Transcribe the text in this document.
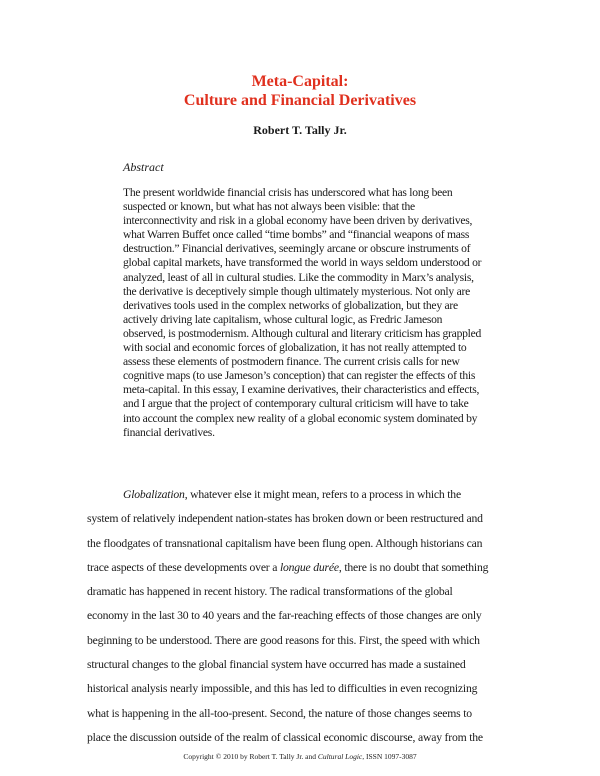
Meta-Capital:
Culture and Financial Derivatives
Robert T. Tally Jr.
Abstract
The present worldwide financial crisis has underscored what has long been
suspected or known, but what has not always been visible: that the
interconnectivity and risk in a global economy have been driven by derivatives,
what Warren Buffet once called “time bombs” and “financial weapons of mass
destruction.” Financial derivatives, seemingly arcane or obscure instruments of
global capital markets, have transformed the world in ways seldom understood or
analyzed, least of all in cultural studies. Like the commodity in Marx’s analysis,
the derivative is deceptively simple though ultimately mysterious. Not only are
derivatives tools used in the complex networks of globalization, but they are
actively driving late capitalism, whose cultural logic, as Fredric Jameson
observed, is postmodernism. Although cultural and literary criticism has grappled
with social and economic forces of globalization, it has not really attempted to
assess these elements of postmodern finance. The current crisis calls for new
cognitive maps (to use Jameson’s conception) that can register the effects of this
meta-capital. In this essay, I examine derivatives, their characteristics and effects,
and I argue that the project of contemporary cultural criticism will have to take
into account the complex new reality of a global economic system dominated by
financial derivatives.
Globalization, whatever else it might mean, refers to a process in which the
system of relatively independent nation-states has broken down or been restructured and
the floodgates of transnational capitalism have been flung open. Although historians can
trace aspects of these developments over a longue durée, there is no doubt that something
dramatic has happened in recent history. The radical transformations of the global
economy in the last 30 to 40 years and the far-reaching effects of those changes are only
beginning to be understood. There are good reasons for this. First, the speed with which
structural changes to the global financial system have occurred has made a sustained
historical analysis nearly impossible, and this has led to difficulties in even recognizing
what is happening in the all-too-present. Second, the nature of those changes seems to
place the discussion outside of the realm of classical economic discourse, away from the
Copyright © 2010 by Robert T. Tally Jr. and Cultural Logic, ISSN 1097-3087
